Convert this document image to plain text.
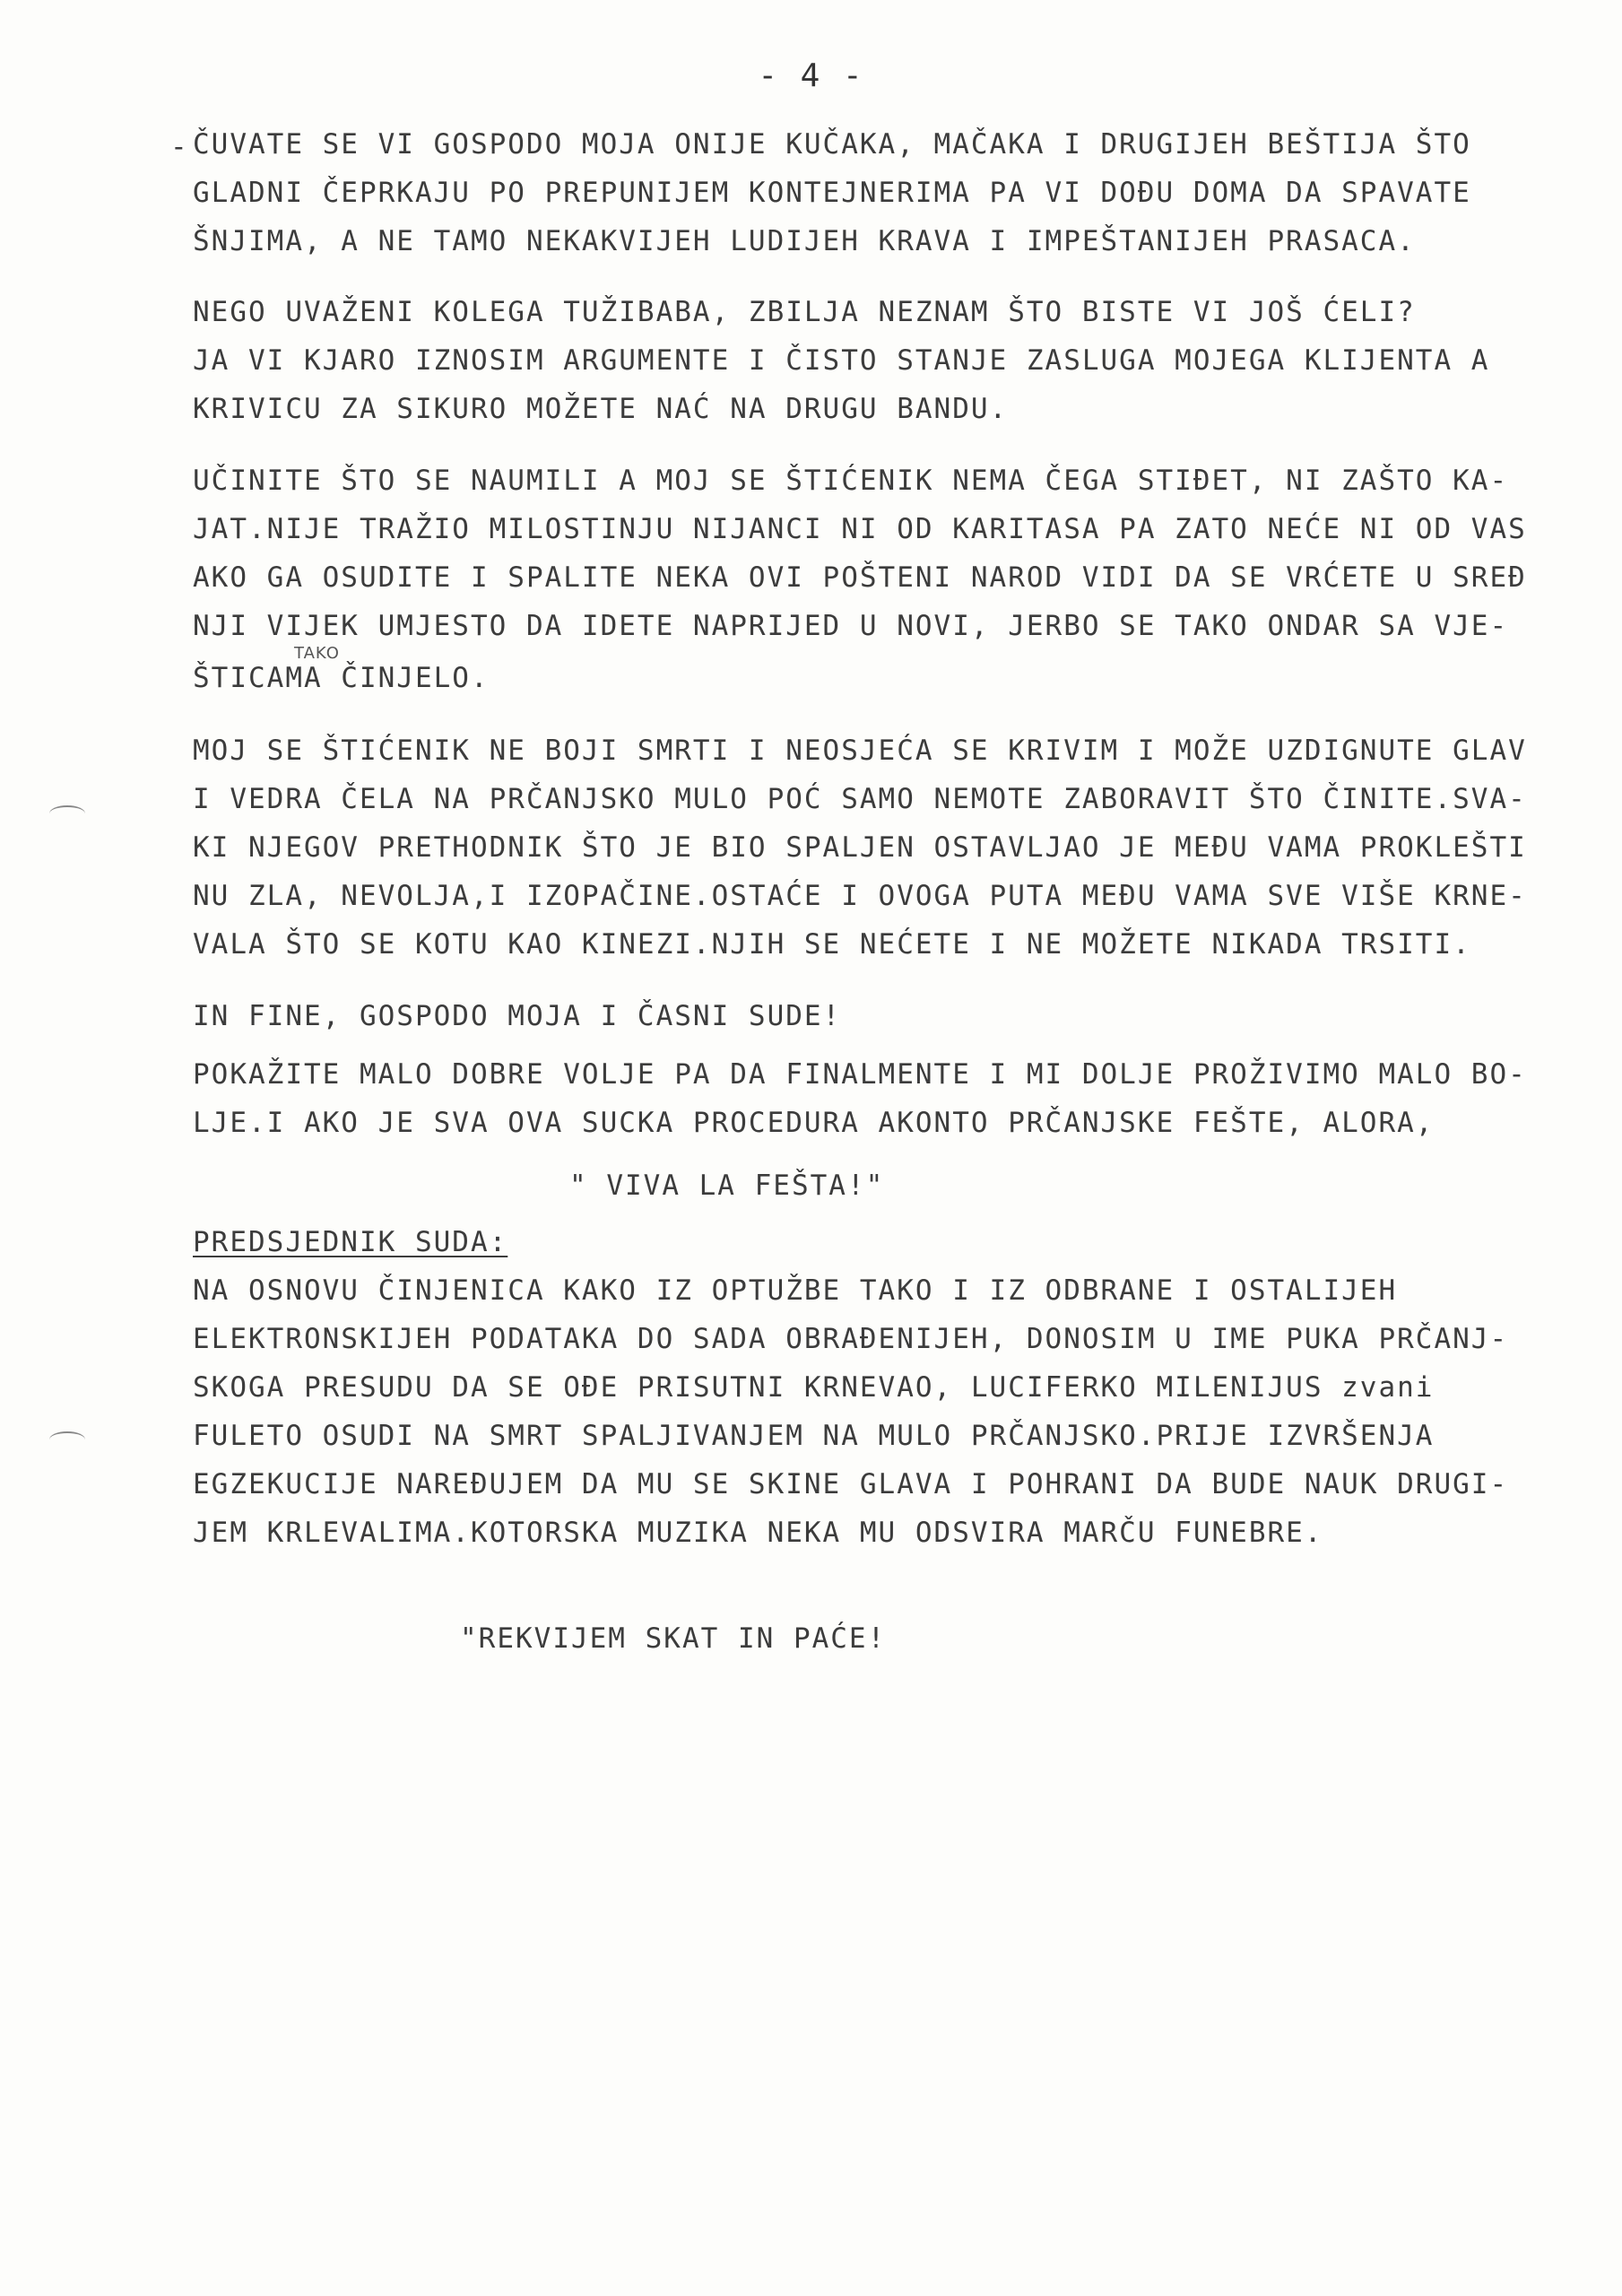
- 4 -
- ČUVATE SE VI GOSPODO MOJA ONIJE KUČAKA, MAČAKA I DRUGIJEH BEŠTIJA ŠTO
GLADNI ČEPRKAJU PO PREPUNIJEM KONTEJNERIMA PA VI DOĐU DOMA DA SPAVATE
ŠNJIMA, A NE TAMO NEKAKVIJEH LUDIJEH KRAVA I IMPEŠTANIJEH PRASACA.
NEGO UVAŽENI KOLEGA TUŽIBABA, ZBILJA NEZNAM ŠTO BISTE VI JOŠ ĆELI?
JA VI KJARO IZNOSIM ARGUMENTE I ČISTO STANJE ZASLUGA MOJEGA KLIJENTA A
KRIVICU ZA SIKURO MOŽETE NAĆ NA DRUGU BANDU.
UČINITE ŠTO SE NAUMILI A MOJ SE ŠTIĆENIK NEMA ČEGA STIĐET, NI ZAŠTO KA-
JAT.NIJE TRAŽIO MILOSTINJU NIJANCI NI OD KARITASA PA ZATO NEĆE NI OD VAS
AKO GA OSUDITE I SPALITE NEKA OVI POŠTENI NAROD VIDI DA SE VRĆETE U SREĐ
NJI VIJEK UMJESTO DA IDETE NAPRIJED U NOVI, JERBO SE TAKO ONDAR SA VJE-
TAKO
ŠTICAMA ČINJELO.
MOJ SE ŠTIĆENIK NE BOJI SMRTI I NEOSJEĆA SE KRIVIM I MOŽE UZDIGNUTE GLAV
I VEDRA ČELA NA PRČANJSKO MULO POĆ SAMO NEMOTE ZABORAVIT ŠTO ČINITE.SVA-
KI NJEGOV PRETHODNIK ŠTO JE BIO SPALJEN OSTAVLJAO JE MEĐU VAMA PROKLEŠTI
NU ZLA, NEVOLJA,I IZOPAČINE.OSTAĆE I OVOGA PUTA MEĐU VAMA SVE VIŠE KRNE-
VALA ŠTO SE KOTU KAO KINEZI.NJIH SE NEĆETE I NE MOŽETE NIKADA TRSITI.
IN FINE, GOSPODO MOJA I ČASNI SUDE!
POKAŽITE MALO DOBRE VOLJE PA DA FINALMENTE I MI DOLJE PROŽIVIMO MALO BO-
LJE.I AKO JE SVA OVA SUCKA PROCEDURA AKONTO PRČANJSKE FEŠTE, ALORA,
" VIVA LA FEŠTA!"
PREDSJEDNIK SUDA:
NA OSNOVU ČINJENICA KAKO IZ OPTUŽBE TAKO I IZ ODBRANE I OSTALIJEH
ELEKTRONSKIJEH PODATAKA DO SADA OBRAĐENIJEH, DONOSIM U IME PUKA PRČANJ-
SKOGA PRESUDU DA SE OĐE PRISUTNI KRNEVAO, LUCIFERKO MILENIJUS zvani
FULETO OSUDI NA SMRT SPALJIVANJEM NA MULO PRČANJSKO.PRIJE IZVRŠENJA
EGZEKUCIJE NAREĐUJEM DA MU SE SKINE GLAVA I POHRANI DA BUDE NAUK DRUGI-
JEM KRLEVALIMA.KOTORSKA MUZIKA NEKA MU ODSVIRA MARČU FUNEBRE.
"REKVIJEM SKAT IN PAĆE!
